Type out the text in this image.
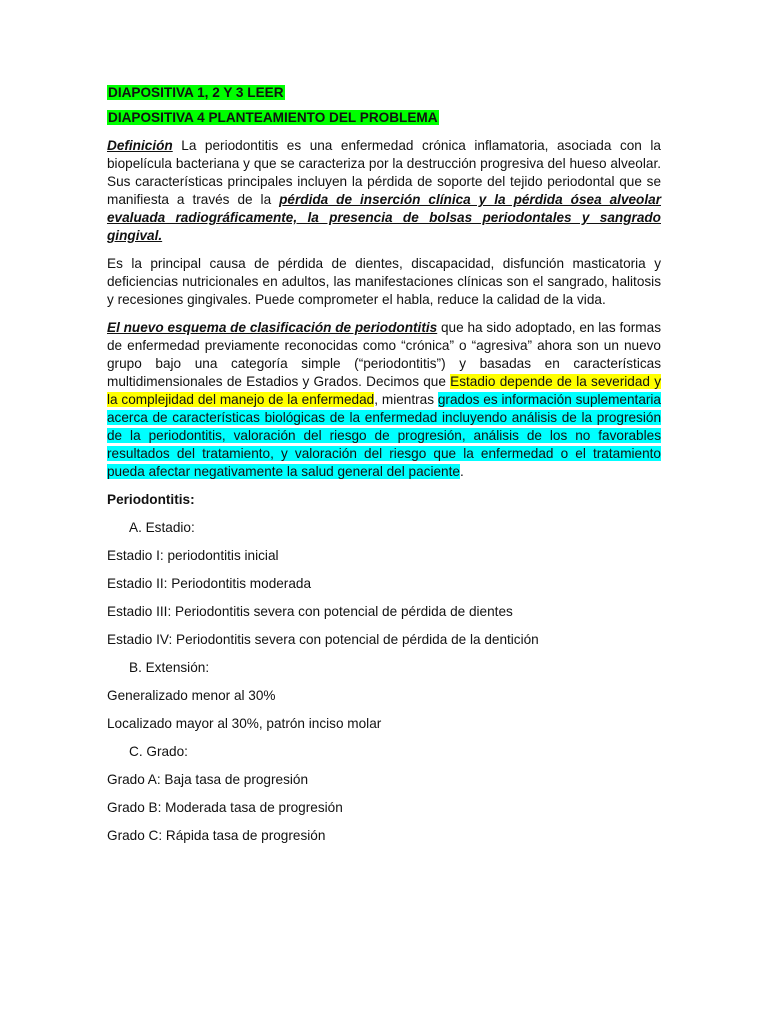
DIAPOSITIVA 1, 2 Y 3 LEER
DIAPOSITIVA 4 PLANTEAMIENTO DEL PROBLEMA

Definición La periodontitis es una enfermedad crónica inflamatoria, asociada con la biopelícula bacteriana y que se caracteriza por la destrucción progresiva del hueso alveolar. Sus características principales incluyen la pérdida de soporte del tejido periodontal que se manifiesta a través de la pérdida de inserción clínica y la pérdida ósea alveolar evaluada radiográficamente, la presencia de bolsas periodontales y sangrado gingival.

Es la principal causa de pérdida de dientes, discapacidad, disfunción masticatoria y deficiencias nutricionales en adultos, las manifestaciones clínicas son el sangrado, halitosis y recesiones gingivales. Puede comprometer el habla, reduce la calidad de la vida.

El nuevo esquema de clasificación de periodontitis que ha sido adoptado, en las formas de enfermedad previamente reconocidas como “crónica” o “agresiva” ahora son un nuevo grupo bajo una categoría simple (“periodontitis”) y basadas en características multidimensionales de Estadios y Grados. Decimos que Estadio depende de la severidad y la complejidad del manejo de la enfermedad, mientras grados es información suplementaria acerca de características biológicas de la enfermedad incluyendo análisis de la progresión de la periodontitis, valoración del riesgo de progresión, análisis de los no favorables resultados del tratamiento, y valoración del riesgo que la enfermedad o el tratamiento pueda afectar negativamente la salud general del paciente.

Periodontitis:
A. Estadio:
Estadio I: periodontitis inicial
Estadio II: Periodontitis moderada
Estadio III: Periodontitis severa con potencial de pérdida de dientes
Estadio IV: Periodontitis severa con potencial de pérdida de la dentición
B. Extensión:
Generalizado menor al 30%
Localizado mayor al 30%, patrón inciso molar
C. Grado:
Grado A: Baja tasa de progresión
Grado B: Moderada tasa de progresión
Grado C: Rápida tasa de progresión
